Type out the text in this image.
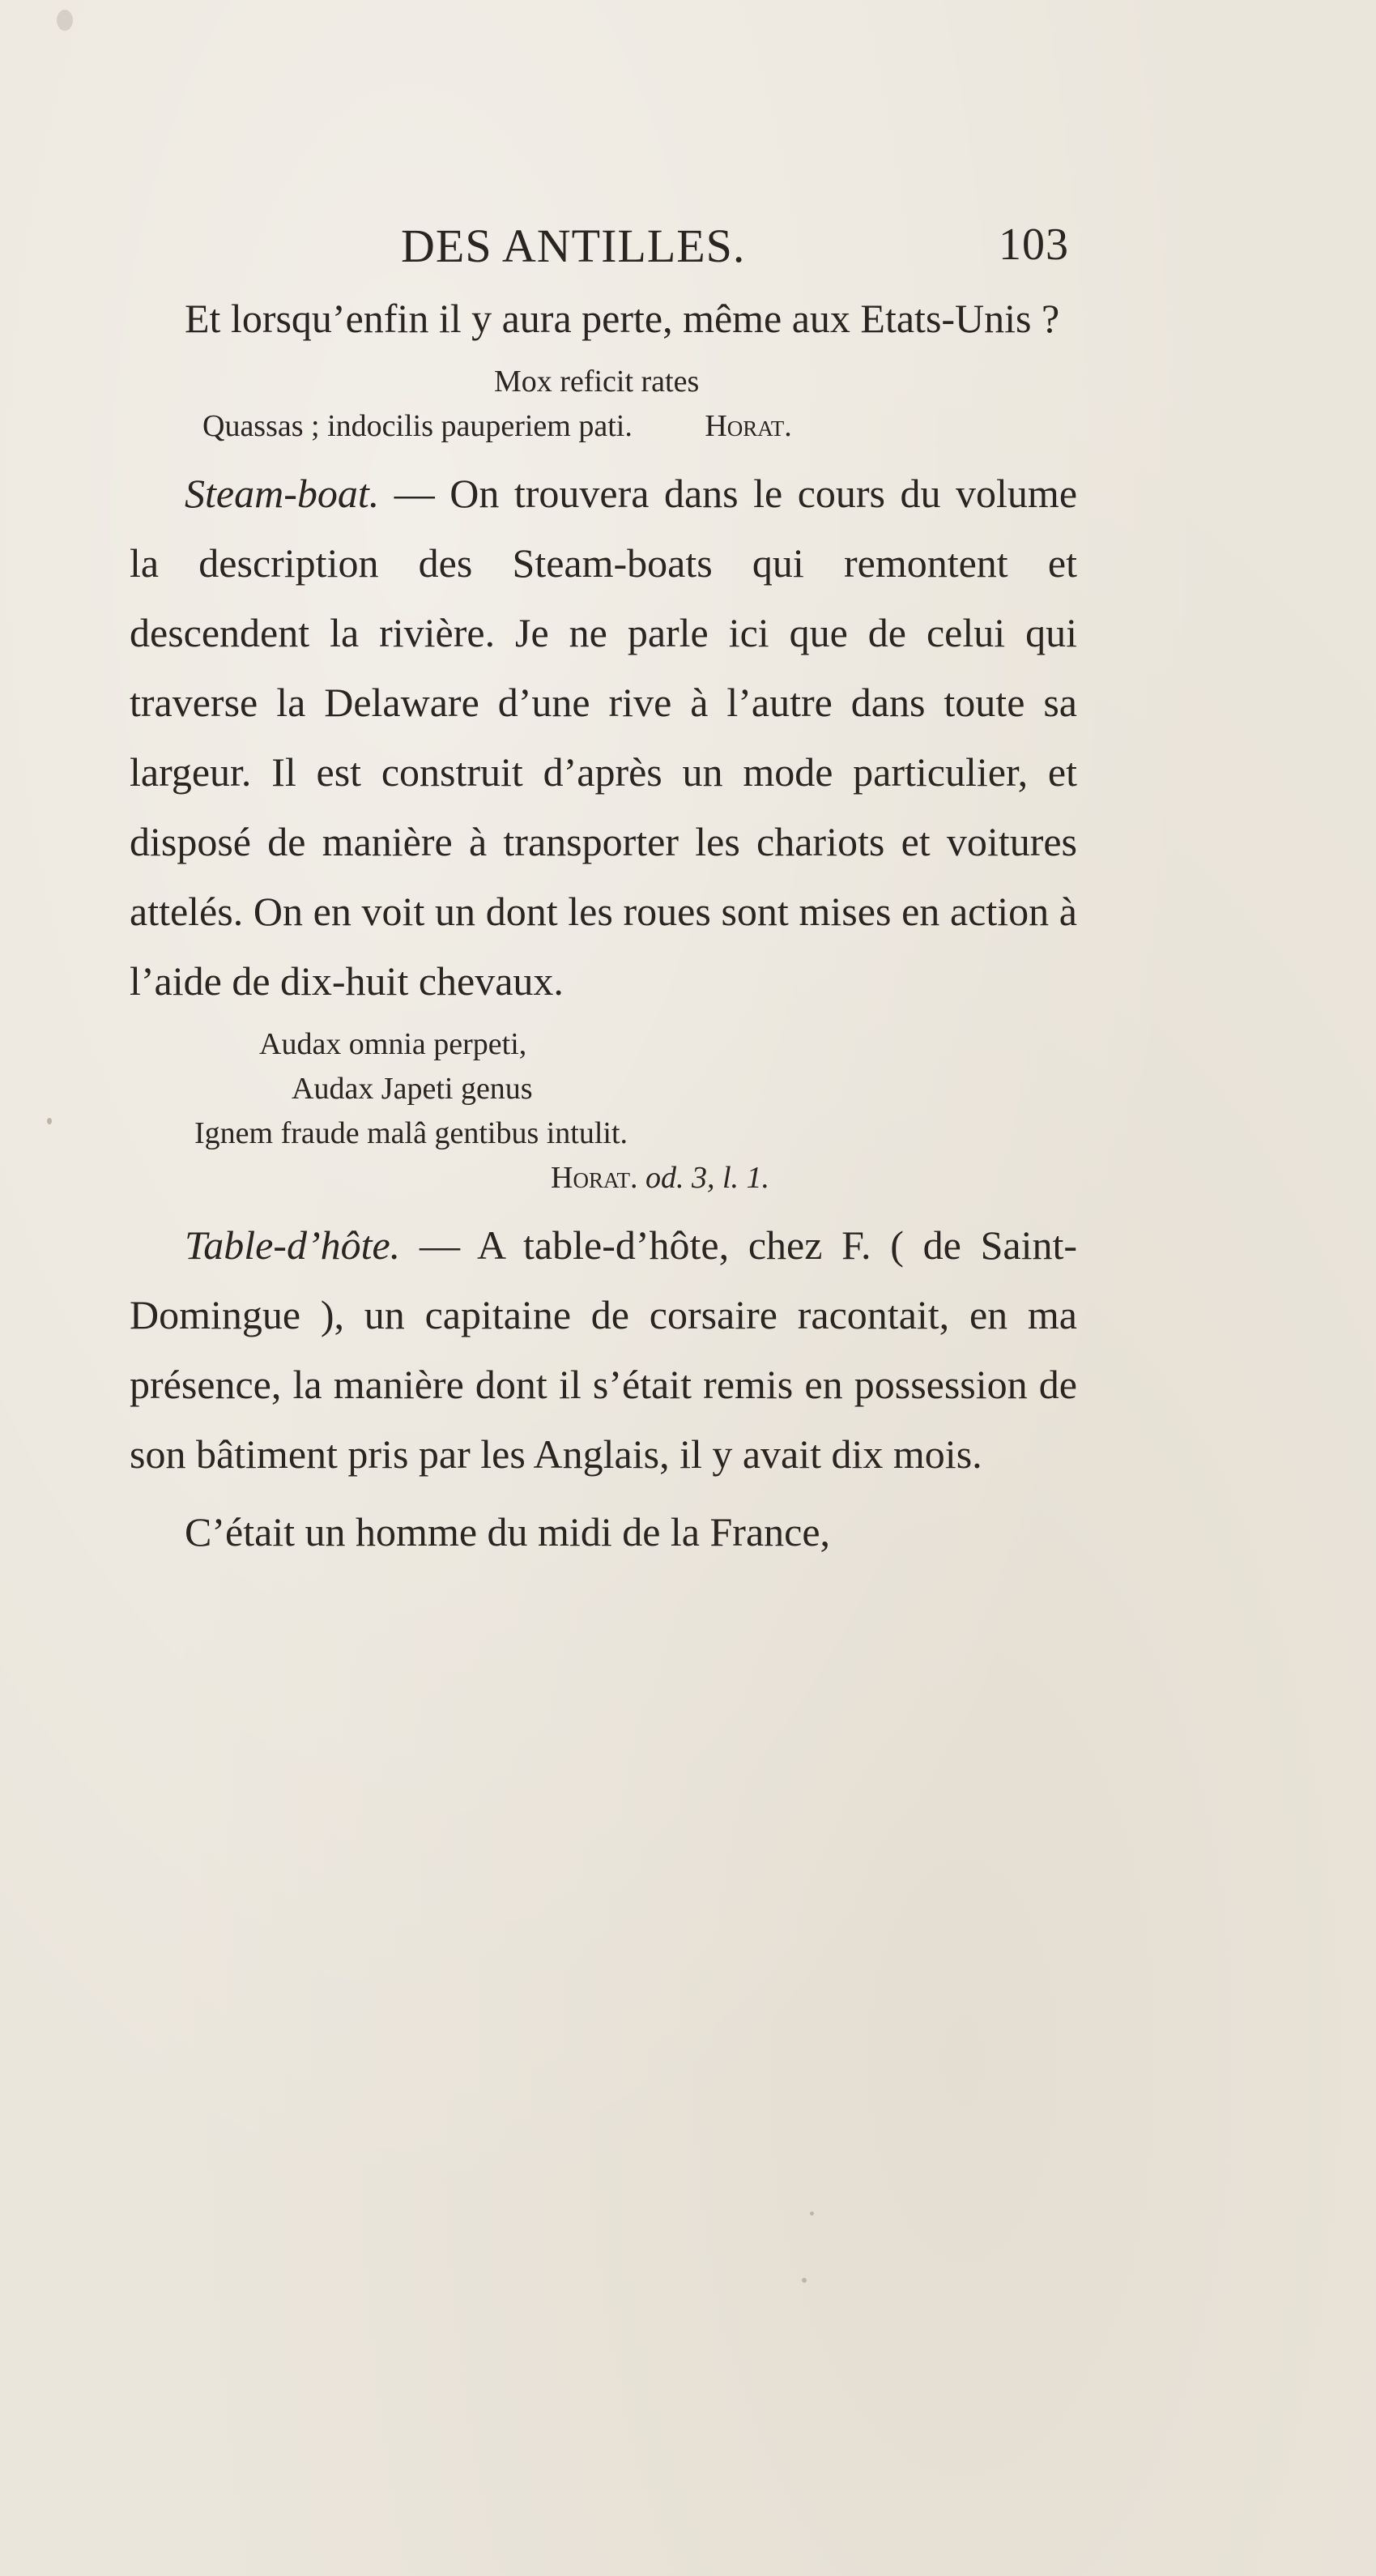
DES ANTILLES.	103

Et lorsqu’enfin il y aura perte, même aux Etats-Unis ?

Mox reficit rates
Quassas ; indocilis pauperiem pati. Horat.

Steam-boat. — On trouvera dans le cours du volume la description des Steam-boats qui remontent et descendent la rivière. Je ne parle ici que de celui qui traverse la Delaware d’une rive à l’autre dans toute sa largeur. Il est construit d’après un mode particulier, et disposé de manière à transporter les chariots et voitures attelés. On en voit un dont les roues sont mises en action à l’aide de dix-huit chevaux.

Audax omnia perpeti,
Audax Japeti genus
Ignem fraude malâ gentibus intulit.
Horat. od. 3, l. 1.

Table-d’hôte. — A table-d’hôte, chez F. ( de Saint-Domingue ), un capitaine de corsaire racontait, en ma présence, la manière dont il s’était remis en possession de son bâtiment pris par les Anglais, il y avait dix mois.

C’était un homme du midi de la France,
